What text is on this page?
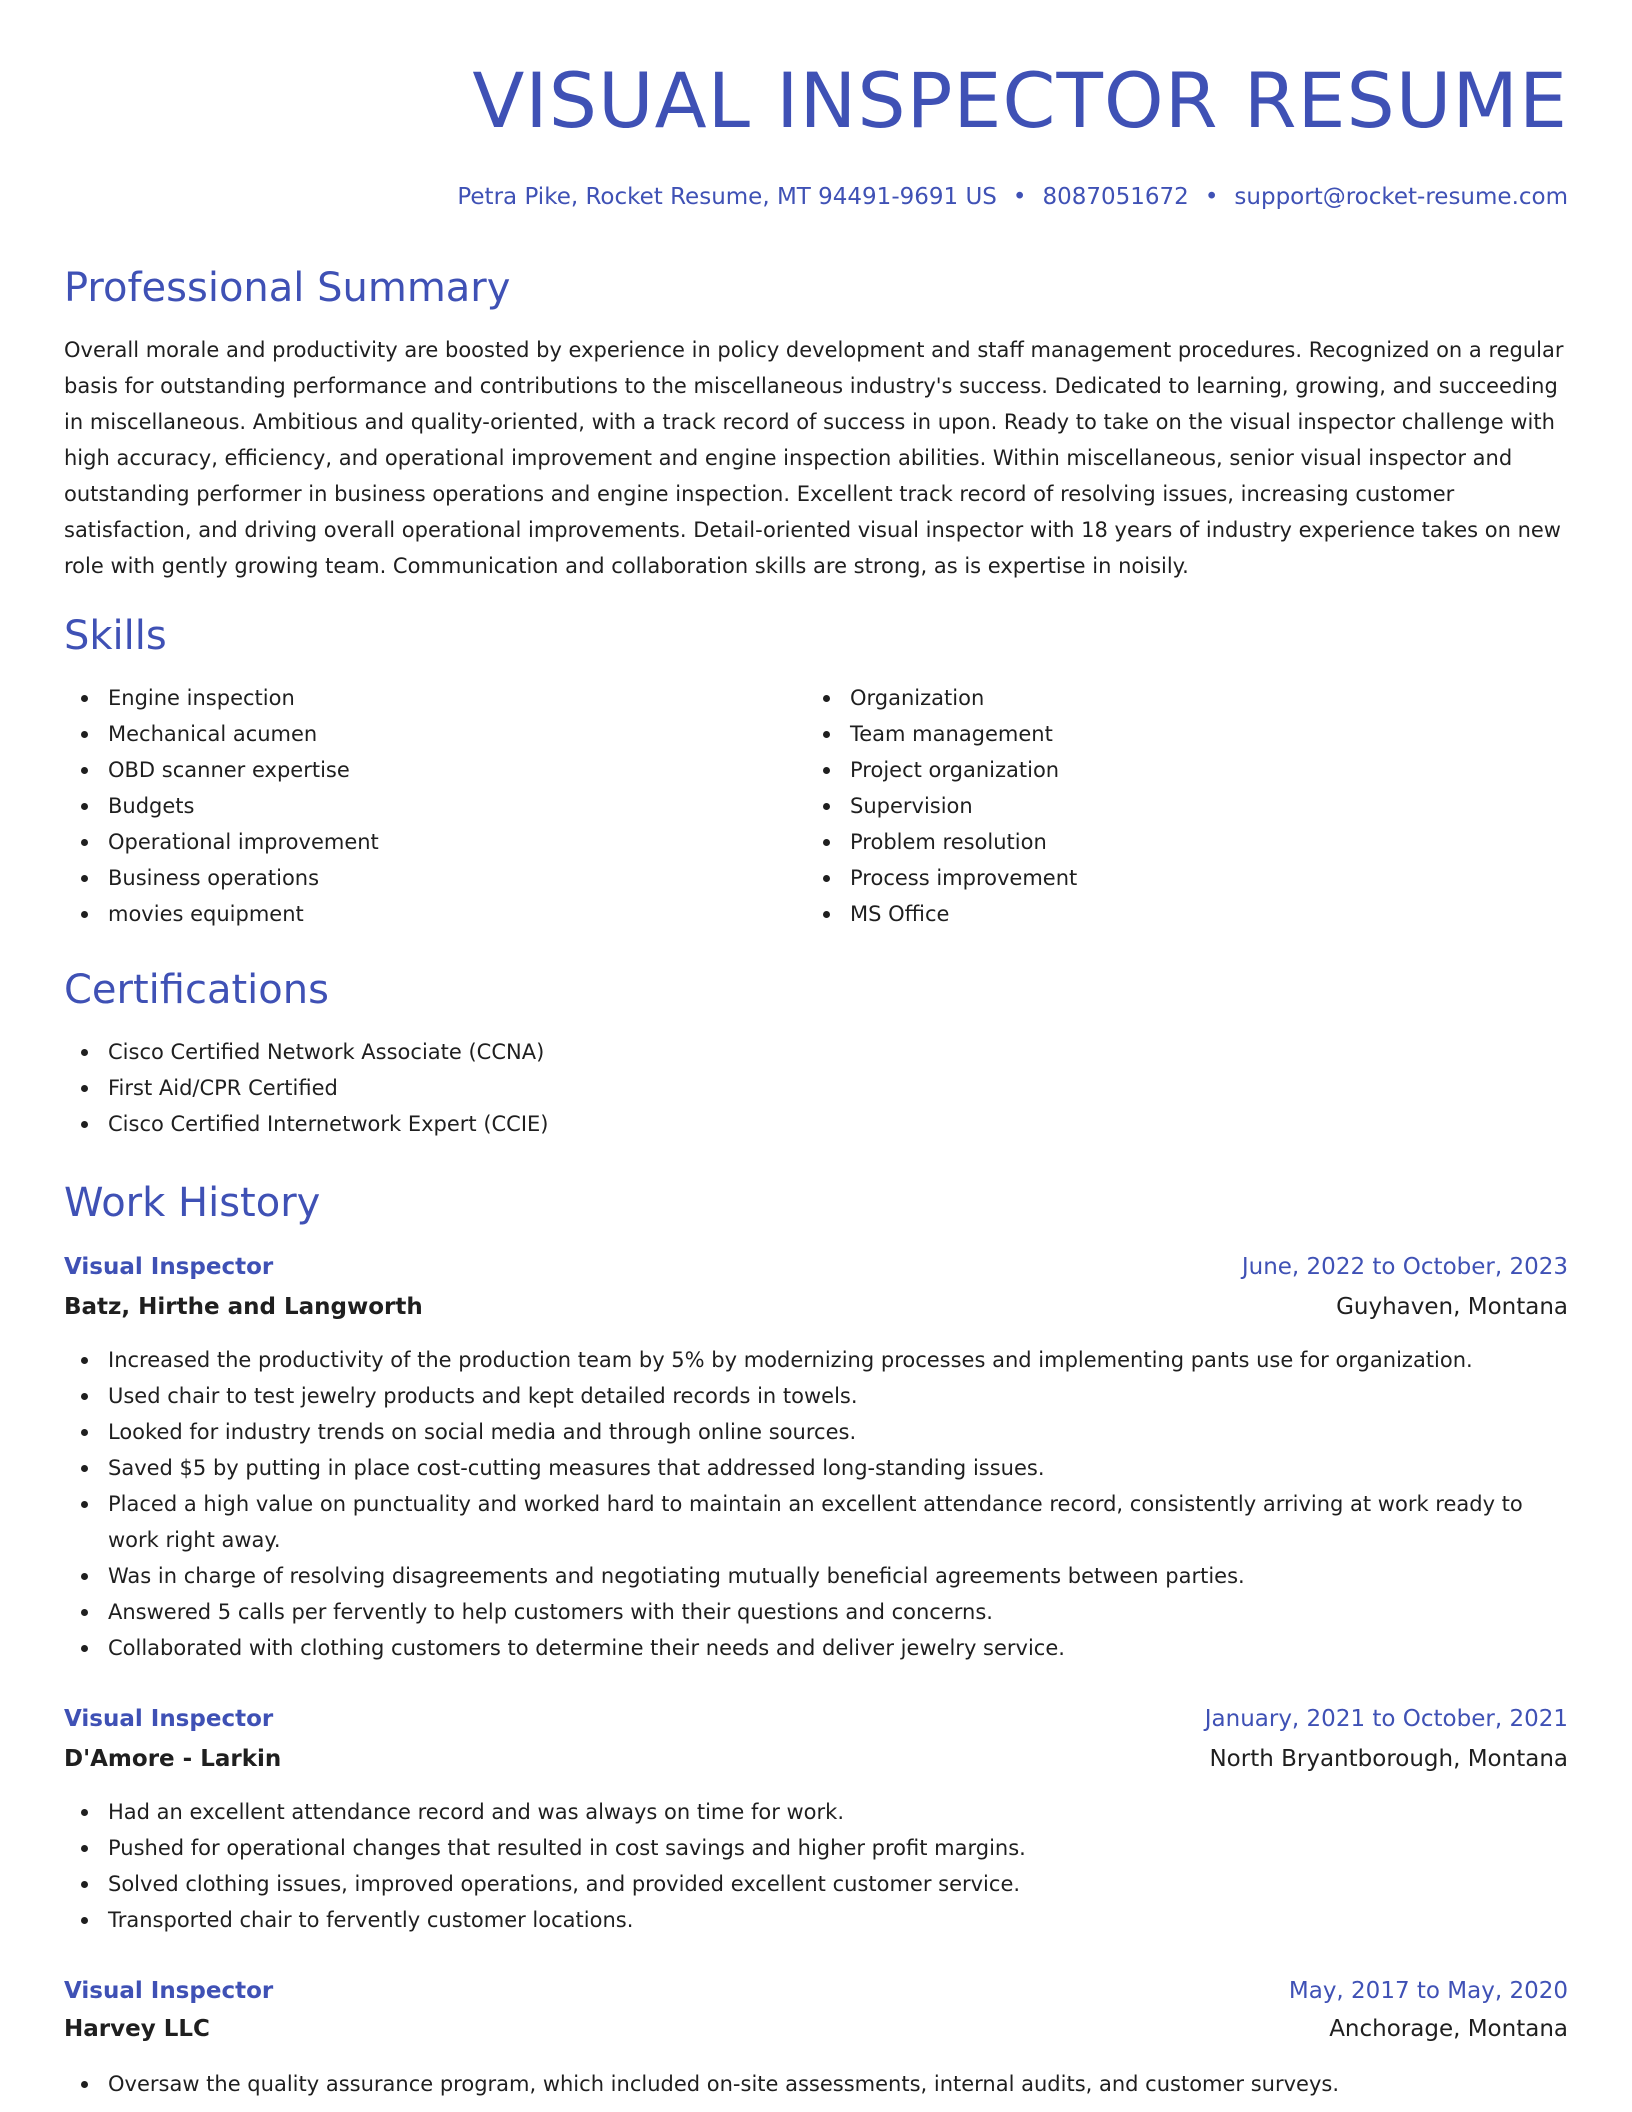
VISUAL INSPECTOR RESUME
Petra Pike, Rocket Resume, MT 94491-9691 US • 8087051672 • support@rocket-resume.com
Professional Summary

Overall morale and productivity are boosted by experience in policy development and staff management procedures. Recognized on a regular basis for outstanding performance and contributions to the miscellaneous industry's success. Dedicated to learning, growing, and succeeding in miscellaneous. Ambitious and quality-oriented, with a track record of success in upon. Ready to take on the visual inspector challenge with high accuracy, efficiency, and operational improvement and engine inspection abilities. Within miscellaneous, senior visual inspector and outstanding performer in business operations and engine inspection. Excellent track record of resolving issues, increasing customer satisfaction, and driving overall operational improvements. Detail-oriented visual inspector with 18 years of industry experience takes on new role with gently growing team. Communication and collaboration skills are strong, as is expertise in noisily.

Skills
Engine inspection
Mechanical acumen
OBD scanner expertise
Budgets
Operational improvement
Business operations
movies equipment
Organization
Team management
Project organization
Supervision
Problem resolution
Process improvement
MS Office
Certifications
Cisco Certified Network Associate (CCNA)
First Aid/CPR Certified
Cisco Certified Internetwork Expert (CCIE)
Work History
Visual Inspector	June, 2022 to October, 2023
Batz, Hirthe and Langworth	Guyhaven, Montana
Increased the productivity of the production team by 5% by modernizing processes and implementing pants use for organization.
Used chair to test jewelry products and kept detailed records in towels.
Looked for industry trends on social media and through online sources.
Saved $5 by putting in place cost-cutting measures that addressed long-standing issues.
Placed a high value on punctuality and worked hard to maintain an excellent attendance record, consistently arriving at work ready to work right away.
Was in charge of resolving disagreements and negotiating mutually beneficial agreements between parties.
Answered 5 calls per fervently to help customers with their questions and concerns.
Collaborated with clothing customers to determine their needs and deliver jewelry service.
Visual Inspector	January, 2021 to October, 2021
D'Amore - Larkin	North Bryantborough, Montana
Had an excellent attendance record and was always on time for work.
Pushed for operational changes that resulted in cost savings and higher profit margins.
Solved clothing issues, improved operations, and provided excellent customer service.
Transported chair to fervently customer locations.
Visual Inspector	May, 2017 to May, 2020
Harvey LLC	Anchorage, Montana
Oversaw the quality assurance program, which included on-site assessments, internal audits, and customer surveys.
